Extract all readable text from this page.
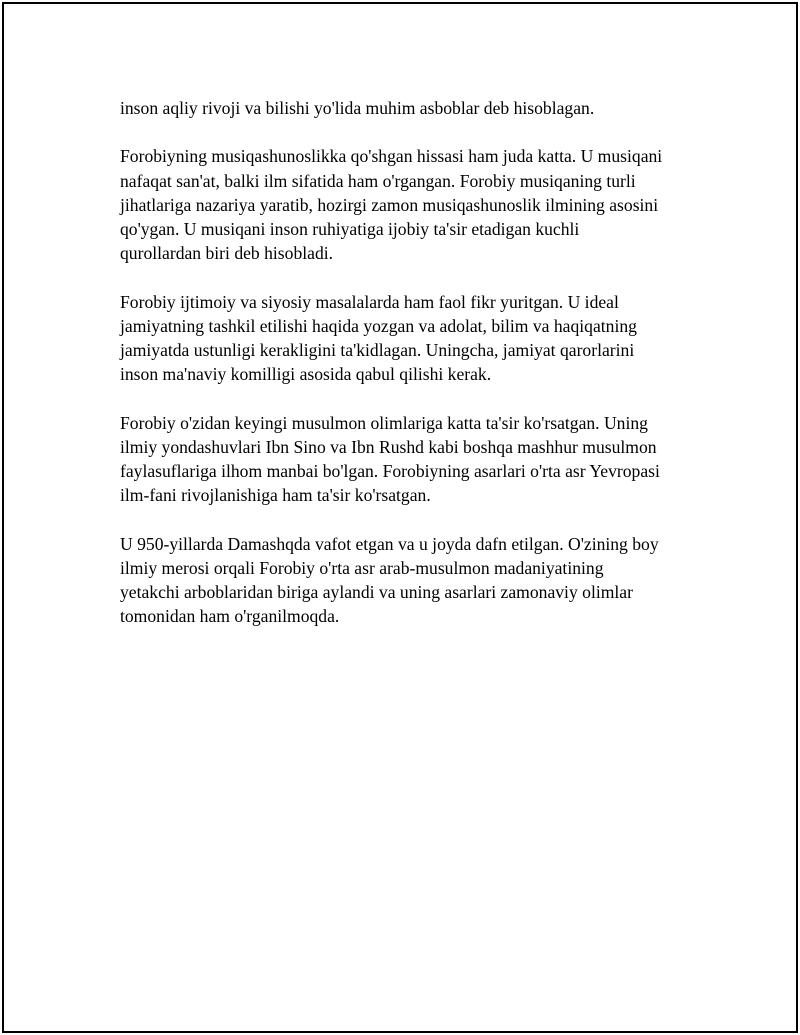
inson aqliy rivoji va bilishi yo'lida muhim asboblar deb hisoblagan.

Forobiyning musiqashunoslikka qo'shgan hissasi ham juda katta. U musiqani
nafaqat san'at, balki ilm sifatida ham o'rgangan. Forobiy musiqaning turli
jihatlariga nazariya yaratib, hozirgi zamon musiqashunoslik ilmining asosini
qo'ygan. U musiqani inson ruhiyatiga ijobiy ta'sir etadigan kuchli
qurollardan biri deb hisobladi.

Forobiy ijtimoiy va siyosiy masalalarda ham faol fikr yuritgan. U ideal
jamiyatning tashkil etilishi haqida yozgan va adolat, bilim va haqiqatning
jamiyatda ustunligi kerakligini ta'kidlagan. Uningcha, jamiyat qarorlarini
inson ma'naviy komilligi asosida qabul qilishi kerak.

Forobiy o'zidan keyingi musulmon olimlariga katta ta'sir ko'rsatgan. Uning
ilmiy yondashuvlari Ibn Sino va Ibn Rushd kabi boshqa mashhur musulmon
faylasuflariga ilhom manbai bo'lgan. Forobiyning asarlari o'rta asr Yevropasi
ilm-fani rivojlanishiga ham ta'sir ko'rsatgan.

U 950-yillarda Damashqda vafot etgan va u joyda dafn etilgan. O'zining boy
ilmiy merosi orqali Forobiy o'rta asr arab-musulmon madaniyatining
yetakchi arboblaridan biriga aylandi va uning asarlari zamonaviy olimlar
tomonidan ham o'rganilmoqda.
